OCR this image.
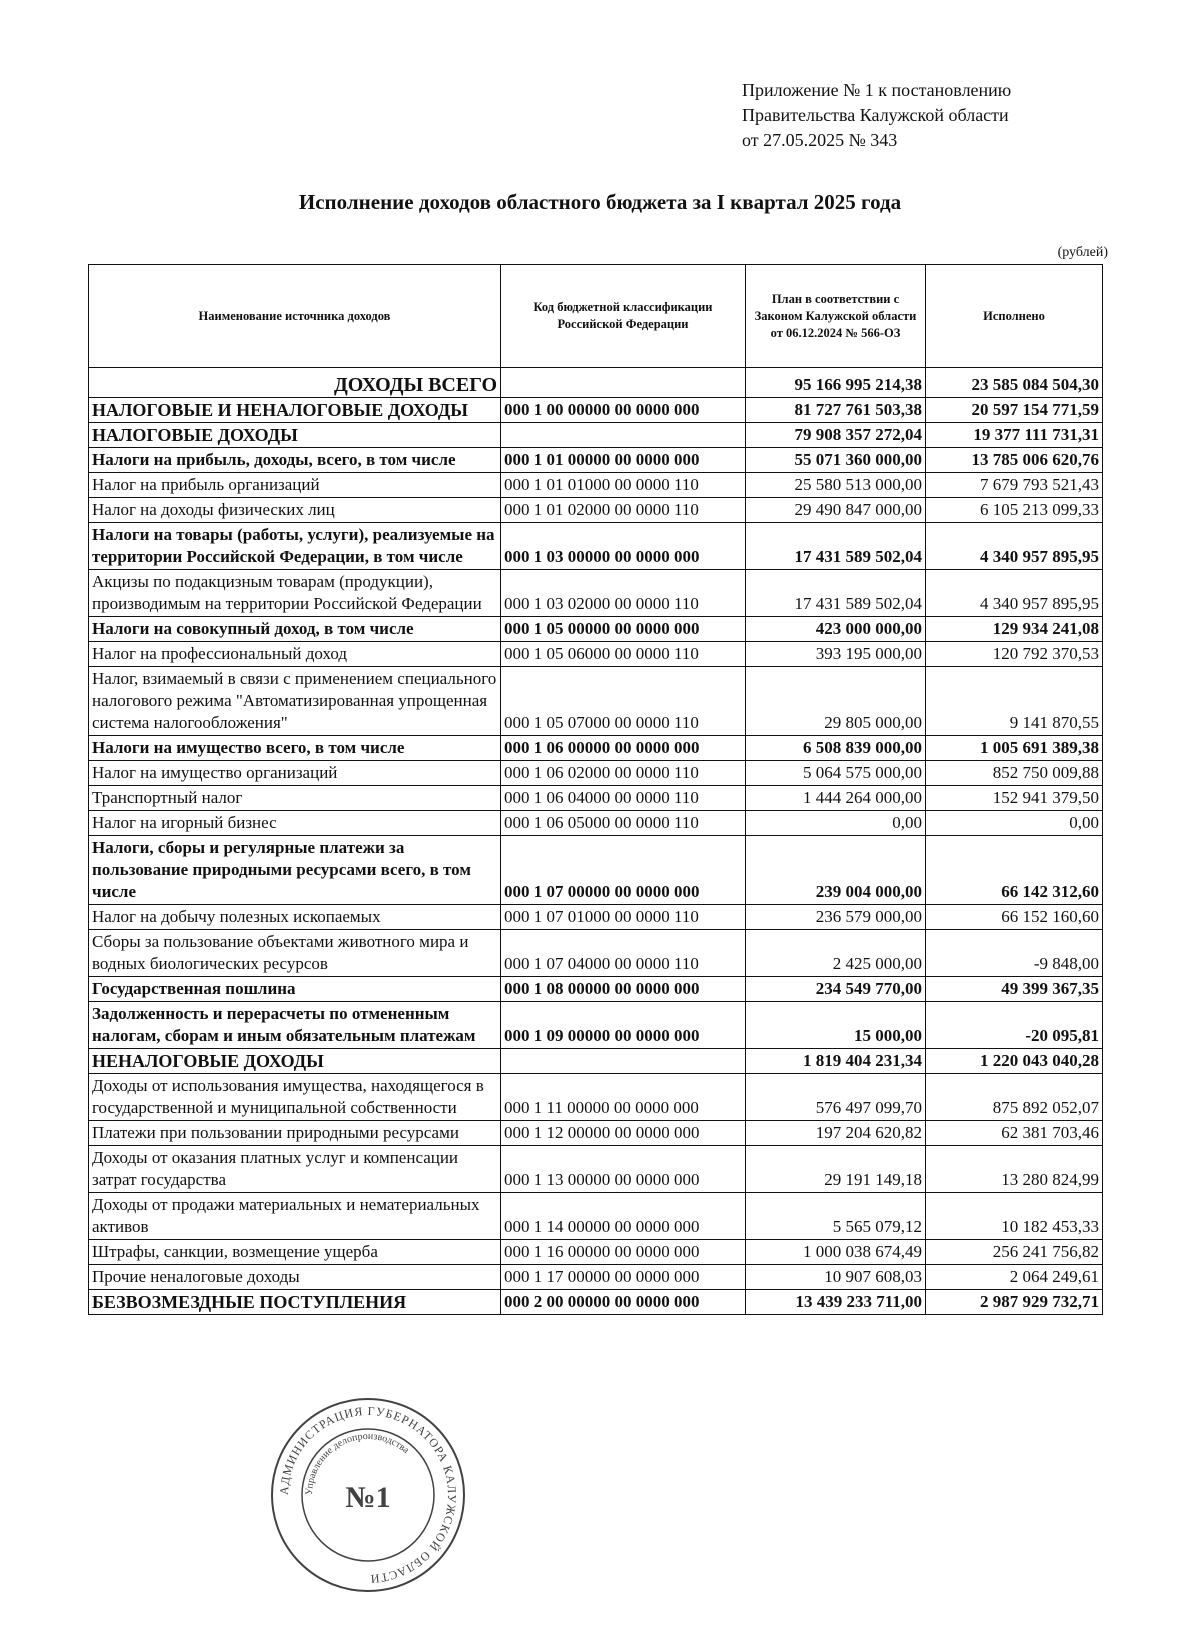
Приложение № 1 к постановлению
Правительства Калужской области
от 27.05.2025 № 343
Исполнение доходов областного бюджета за I квартал 2025 года
(рублей)
Наименование источника доходов	Код бюджетной классификации Российской Федерации	План в соответствии с Законом Калужской области от 06.12.2024 № 566-ОЗ	Исполнено
ДОХОДЫ ВСЕГО		95 166 995 214,38	23 585 084 504,30
НАЛОГОВЫЕ И НЕНАЛОГОВЫЕ ДОХОДЫ	000 1 00 00000 00 0000 000	81 727 761 503,38	20 597 154 771,59
НАЛОГОВЫЕ ДОХОДЫ		79 908 357 272,04	19 377 111 731,31
Налоги на прибыль, доходы, всего, в том числе	000 1 01 00000 00 0000 000	55 071 360 000,00	13 785 006 620,76
Налог на прибыль организаций	000 1 01 01000 00 0000 110	25 580 513 000,00	7 679 793 521,43
Налог на доходы физических лиц	000 1 01 02000 00 0000 110	29 490 847 000,00	6 105 213 099,33
Налоги на товары (работы, услуги), реализуемые на территории Российской Федерации, в том числе	000 1 03 00000 00 0000 000	17 431 589 502,04	4 340 957 895,95
Акцизы по подакцизным товарам (продукции), производимым на территории Российской Федерации	000 1 03 02000 00 0000 110	17 431 589 502,04	4 340 957 895,95
Налоги на совокупный доход, в том числе	000 1 05 00000 00 0000 000	423 000 000,00	129 934 241,08
Налог на профессиональный доход	000 1 05 06000 00 0000 110	393 195 000,00	120 792 370,53
Налог, взимаемый в связи с применением специального налогового режима "Автоматизированная упрощенная система налогообложения"	000 1 05 07000 00 0000 110	29 805 000,00	9 141 870,55
Налоги на имущество всего, в том числе	000 1 06 00000 00 0000 000	6 508 839 000,00	1 005 691 389,38
Налог на имущество организаций	000 1 06 02000 00 0000 110	5 064 575 000,00	852 750 009,88
Транспортный налог	000 1 06 04000 00 0000 110	1 444 264 000,00	152 941 379,50
Налог на игорный бизнес	000 1 06 05000 00 0000 110	0,00	0,00
Налоги, сборы и регулярные платежи за пользование природными ресурсами всего, в том числе	000 1 07 00000 00 0000 000	239 004 000,00	66 142 312,60
Налог на добычу полезных ископаемых	000 1 07 01000 00 0000 110	236 579 000,00	66 152 160,60
Сборы за пользование объектами животного мира и водных биологических ресурсов	000 1 07 04000 00 0000 110	2 425 000,00	-9 848,00
Государственная пошлина	000 1 08 00000 00 0000 000	234 549 770,00	49 399 367,35
Задолженность и перерасчеты по отмененным налогам, сборам и иным обязательным платежам	000 1 09 00000 00 0000 000	15 000,00	-20 095,81
НЕНАЛОГОВЫЕ ДОХОДЫ		1 819 404 231,34	1 220 043 040,28
Доходы от использования имущества, находящегося в государственной и муниципальной собственности	000 1 11 00000 00 0000 000	576 497 099,70	875 892 052,07
Платежи при пользовании природными ресурсами	000 1 12 00000 00 0000 000	197 204 620,82	62 381 703,46
Доходы от оказания платных услуг и компенсации затрат государства	000 1 13 00000 00 0000 000	29 191 149,18	13 280 824,99
Доходы от продажи материальных и нематериальных активов	000 1 14 00000 00 0000 000	5 565 079,12	10 182 453,33
Штрафы, санкции, возмещение ущерба	000 1 16 00000 00 0000 000	1 000 038 674,49	256 241 756,82
Прочие неналоговые доходы	000 1 17 00000 00 0000 000	10 907 608,03	2 064 249,61
БЕЗВОЗМЕЗДНЫЕ ПОСТУПЛЕНИЯ	000 2 00 00000 00 0000 000	13 439 233 711,00	2 987 929 732,71
АДМИНИСТРАЦИЯ ГУБЕРНАТОРА КАЛУЖСКОЙ ОБЛАСТИ
Управление делопроизводства
№1
